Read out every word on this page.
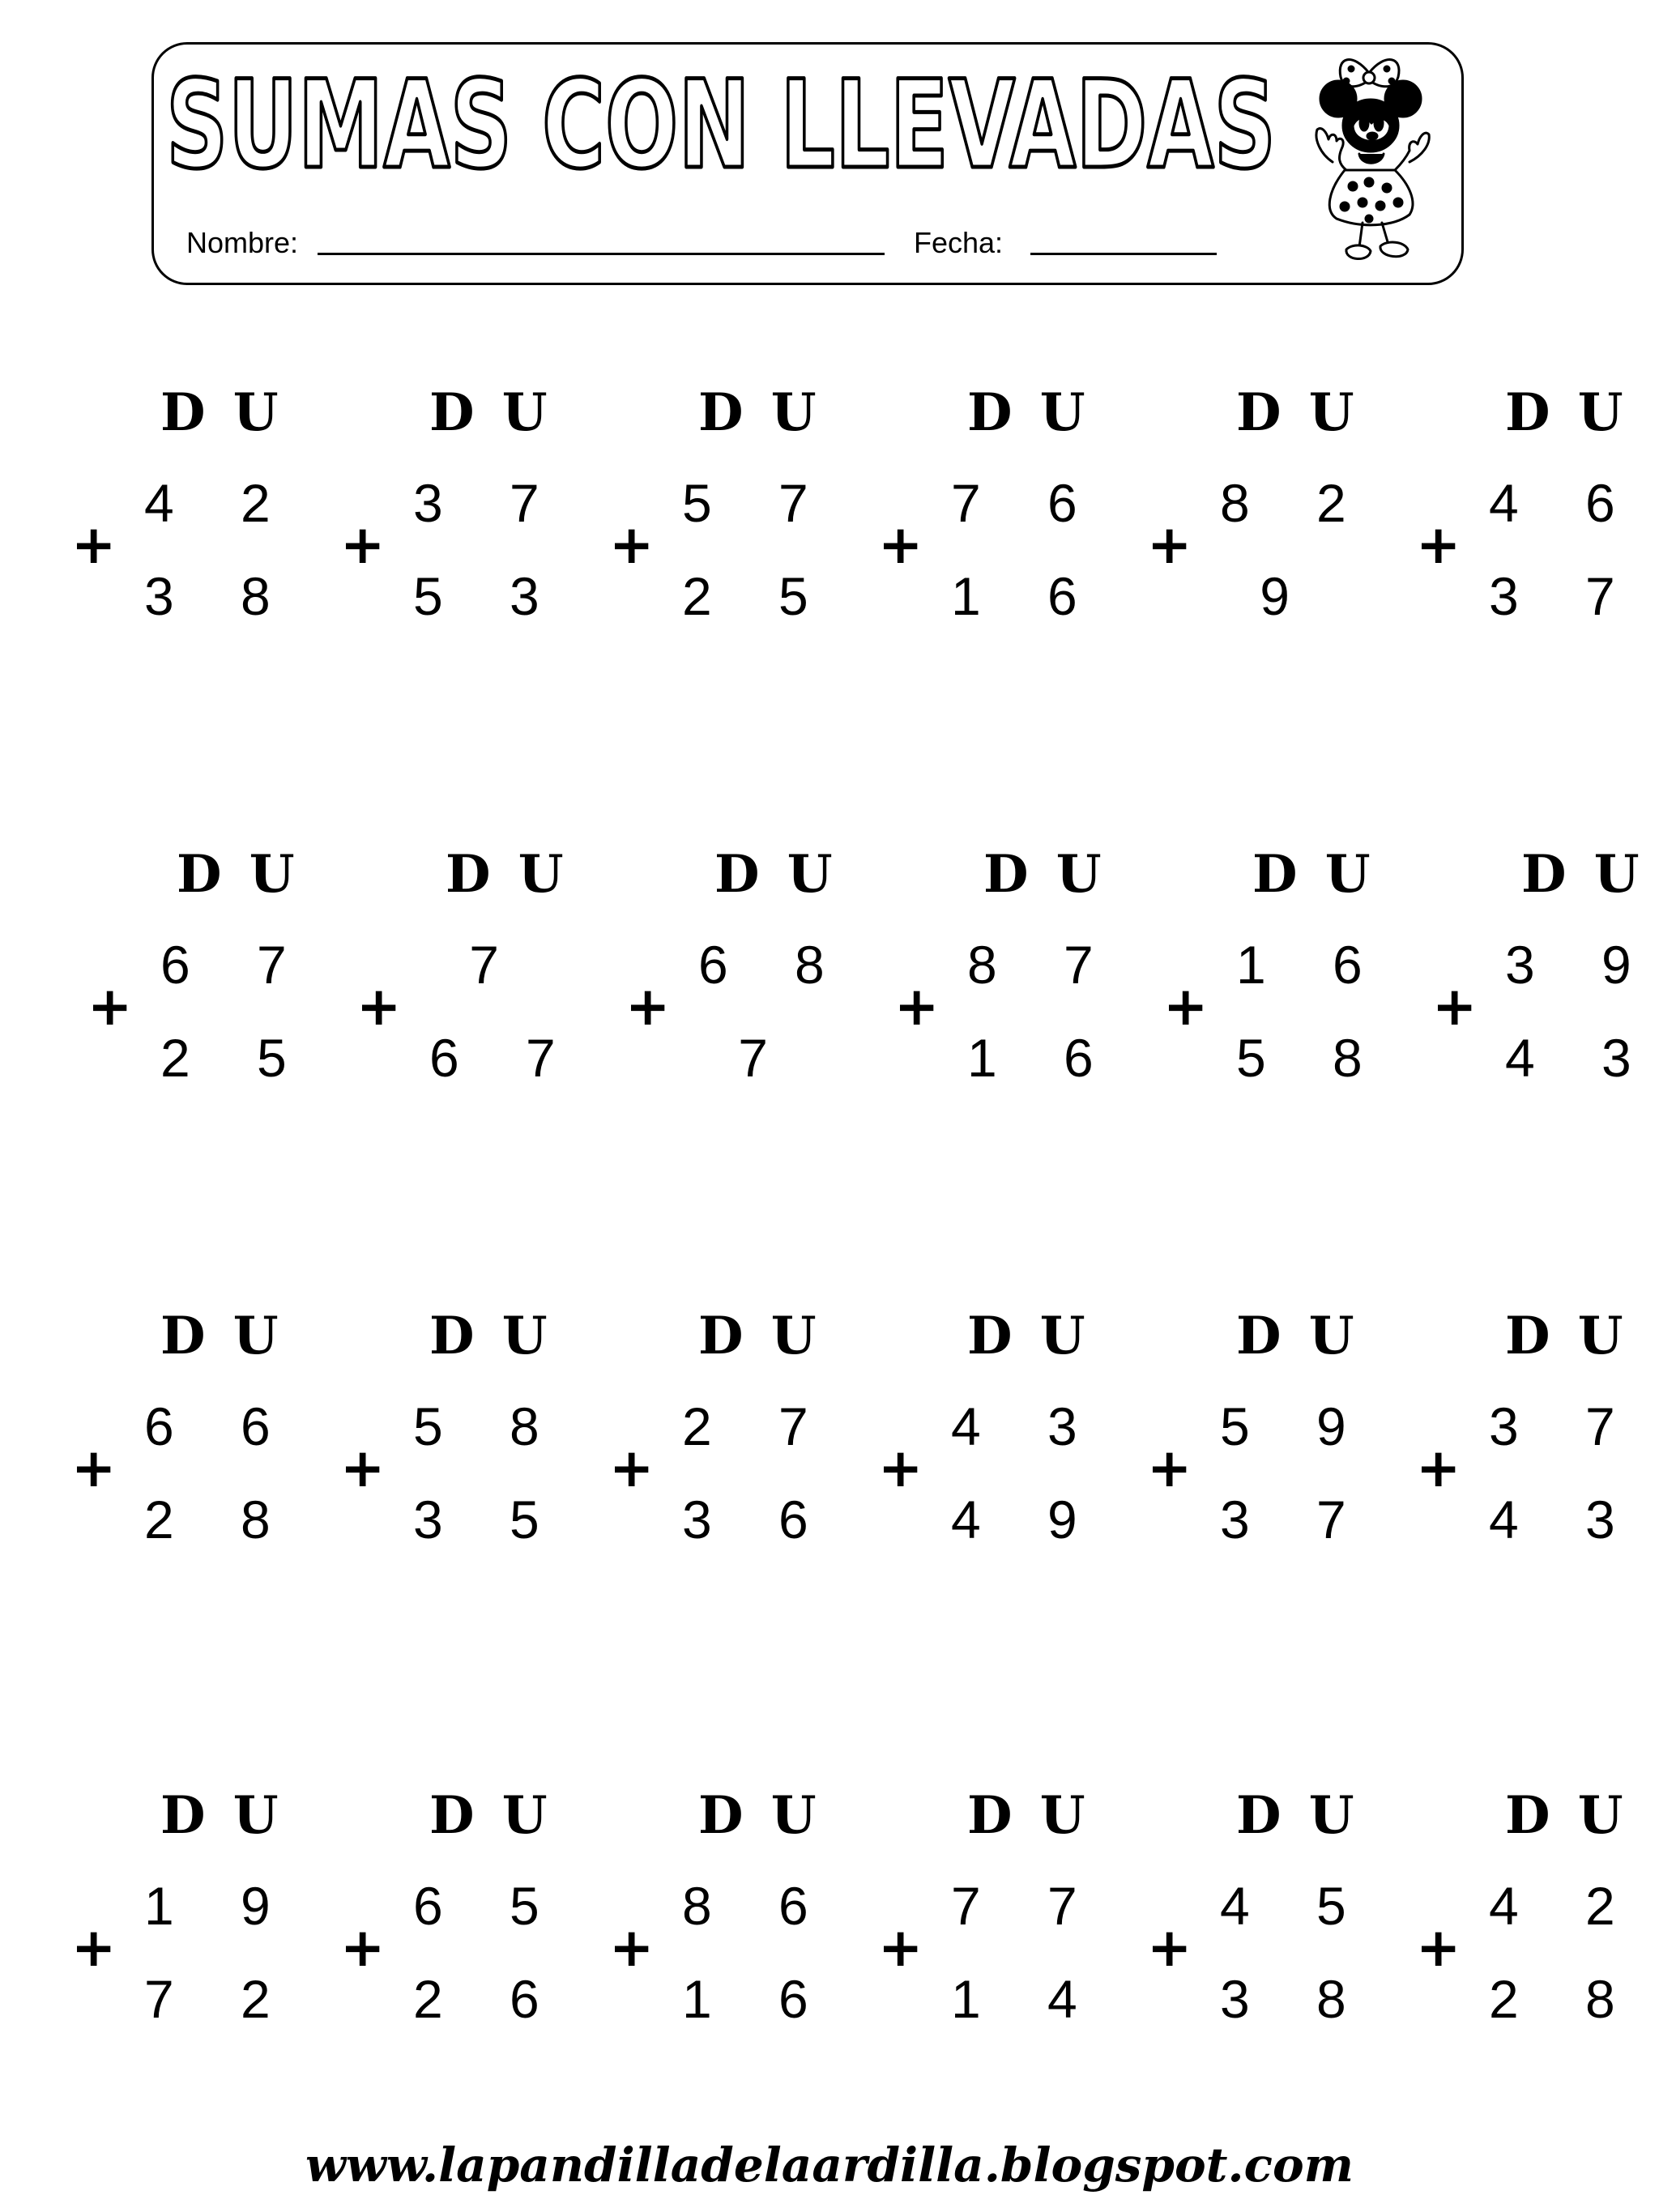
SUMAS CON LLEVADAS
Nombre:	Fecha:
D U
4 2
+
3 8
D U
3 7
+
5 3
D U
5 7
+
2 5
D U
7 6
+
1 6
D U
8 2
+
9
D U
4 6
+
3 7
D U
6 7
+
2 5
D U
7
+
6 7
D U
6 8
+
7
D U
8 7
+
1 6
D U
1 6
+
5 8
D U
3 9
+
4 3
D U
6 6
+
2 8
D U
5 8
+
3 5
D U
2 7
+
3 6
D U
4 3
+
4 9
D U
5 9
+
3 7
D U
3 7
+
4 3
D U
1 9
+
7 2
D U
6 5
+
2 6
D U
8 6
+
1 6
D U
7 7
+
1 4
D U
4 5
+
3 8
D U
4 2
+
2 8
www.lapandilladelaardilla.blogspot.com
